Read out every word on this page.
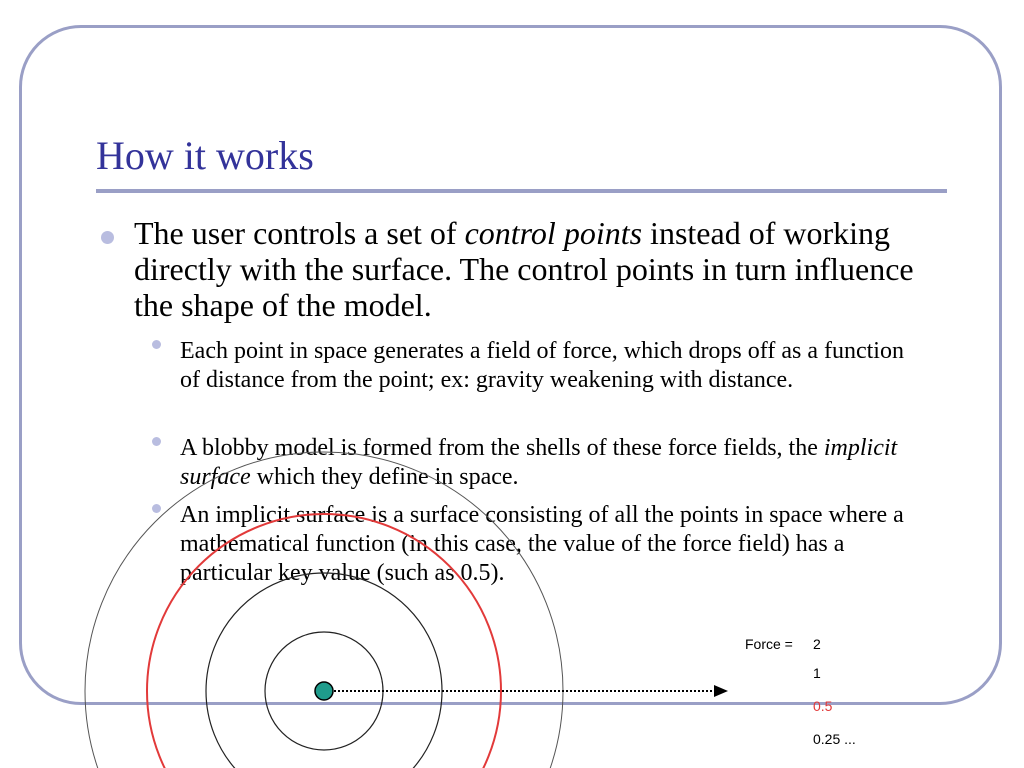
How it works
The user controls a set of control points instead of working directly with the surface. The control points in turn influence the shape of the model.
Each point in space generates a field of force, which drops off as a function of distance from the point; ex: gravity weakening with distance.
A blobby model is formed from the shells of these force fields, the implicit surface which they define in space.
An implicit surface is a surface consisting of all the points in space where a mathematical function (in this case, the value of the force field) has a particular key value (such as 0.5).
Force = 2
1
0.5
0.25 ...
